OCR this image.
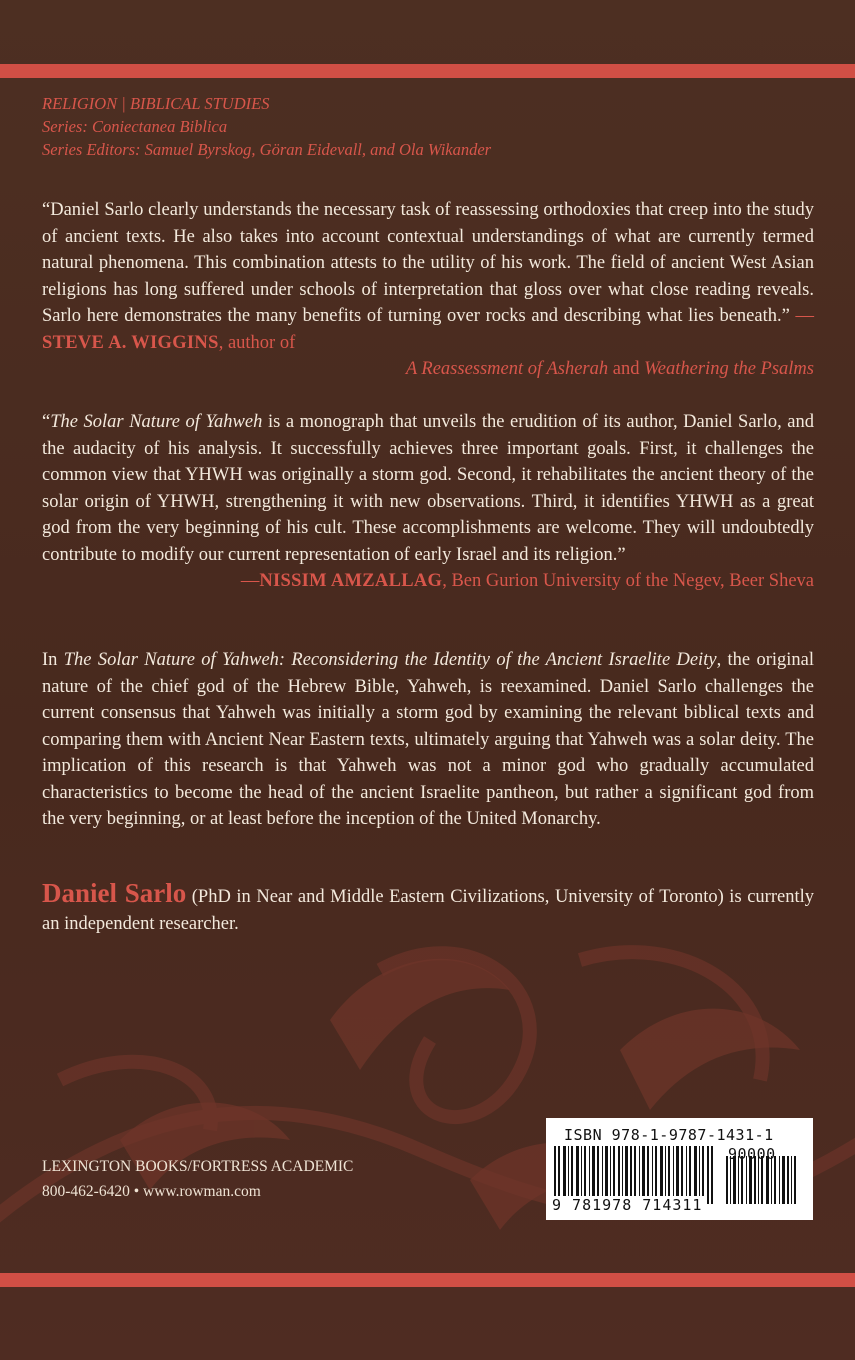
RELIGION | BIBLICAL STUDIES
Series: Coniectanea Biblica
Series Editors: Samuel Byrskog, Göran Eidevall, and Ola Wikander
“Daniel Sarlo clearly understands the necessary task of reassessing orthodoxies that creep into the study of ancient texts. He also takes into account contextual understandings of what are currently termed natural phenomena. This combination attests to the utility of his work. The field of ancient West Asian religions has long suffered under schools of interpretation that gloss over what close reading reveals. Sarlo here demonstrates the many benefits of turning over rocks and describing what lies beneath.” —STEVE A. WIGGINS, author of
A Reassessment of Asherah and Weathering the Psalms
“The Solar Nature of Yahweh is a monograph that unveils the erudition of its author, Daniel Sarlo, and the audacity of his analysis. It successfully achieves three important goals. First, it challenges the common view that YHWH was originally a storm god. Second, it rehabilitates the ancient theory of the solar origin of YHWH, strengthening it with new observations. Third, it identifies YHWH as a great god from the very beginning of his cult. These accomplishments are welcome. They will undoubtedly contribute to modify our current representation of early Israel and its religion.”
—NISSIM AMZALLAG, Ben Gurion University of the Negev, Beer Sheva
In The Solar Nature of Yahweh: Reconsidering the Identity of the Ancient Israelite Deity, the original nature of the chief god of the Hebrew Bible, Yahweh, is reexamined. Daniel Sarlo challenges the current consensus that Yahweh was initially a storm god by examining the relevant biblical texts and comparing them with Ancient Near Eastern texts, ultimately arguing that Yahweh was a solar deity. The implication of this research is that Yahweh was not a minor god who gradually accumulated characteristics to become the head of the ancient Israelite pantheon, but rather a significant god from the very beginning, or at least before the inception of the United Monarchy.
Daniel Sarlo (PhD in Near and Middle Eastern Civilizations, University of Toronto) is currently an independent researcher.
LEXINGTON BOOKS/FORTRESS ACADEMIC
800-462-6420 • www.rowman.com
ISBN 978-1-9787-1431-1
90000
9 781978 714311
